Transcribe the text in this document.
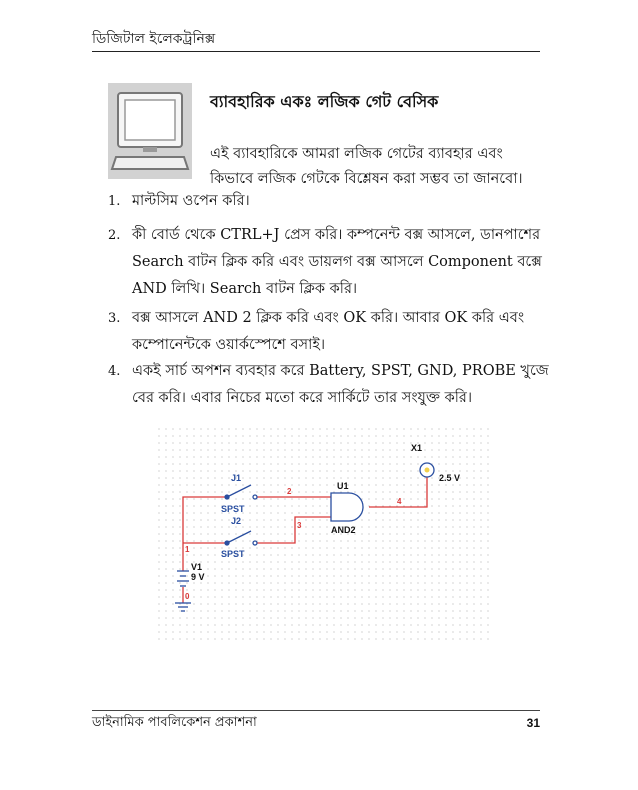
ডিজিটাল ইলেকট্রনিক্স
ব্যাবহারিক একঃ লজিক গেট বেসিক
এই ব্যাবহারিকে আমরা লজিক গেটের ব্যাবহার এবং
কিভাবে লজিক গেটকে বিশ্লেষন করা সম্ভব তা জানবো।
1. মাল্টসিম ওপেন করি।
2. কী বোর্ড থেকে CTRL+J প্রেস করি। কম্পনেন্ট বক্স আসলে, ডানপাশের
Search বাটন ক্লিক করি এবং ডায়লগ বক্স আসলে Component বক্সে
AND লিখি। Search বাটন ক্লিক করি।
3. বক্স আসলে AND 2 ক্লিক করি এবং OK করি। আবার OK করি এবং
কম্পোনেন্টকে ওয়ার্কস্পেশে বসাই।
4. একই সার্চ অপশন ব্যবহার করে Battery, SPST, GND, PROBE খুজে
বের করি। এবার নিচের মতো করে সার্কিটে তার সংযুক্ত করি।
X1
2.5 V
J1
SPST
J2
SPST
U1
AND2
V1
9 V
1
2
3
4
0
ডাইনামিক পাবলিকেশন প্রকাশনা	31
